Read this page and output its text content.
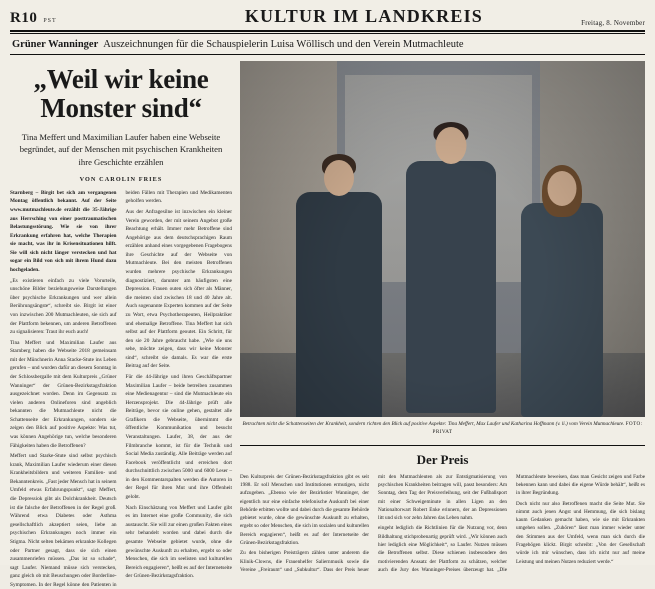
R10 PST	KULTUR IM LANDKREIS	Freitag, 8. November
Grüner Wanninger Auszeichnungen für die Schauspielerin Luisa Wöllisch und den Verein Mutmachleute
„Weil wir keine
Monster sind“
Tina Meffert und Maximilian Laufer haben eine Webseite begründet, auf der Menschen mit psychischen Krankheiten ihre Geschichte erzählen
VON CAROLIN FRIES

Starnberg – Birgit bet sich am vergangenen Montag öffentlich bekannt. Auf der Seite www.mutmachleute.de erzählt die 35-Jährige aus Herrsching von einer posttraumatischen Belastungsstörung. Wie sie von ihrer Erkrankung erfahren hat, welche Therapien sie macht, was ihr in Krisensituationen hilft. Sie will sich nicht länger verstecken und hat sogar ein Bild von sich mit ihrem Hund dazu hochgeladen.

„Es existieren einfach zu viele Vorurteile, unschöne Bilder beziehungsweise Darstellungen über psychische Erkrankungen und wer allein Berührungsängste“, schreibt sie. Birgit ist einer von inzwischen 200 Mutmachleuten, sie sich auf der Plattform bekennen, um anderen Betroffenen zu signalisieren: Traut ihr euch auch!

Tina Meffert und Maximilian Laufer aus Starnberg haben die Webseite 2018 gemeinsam mit der Münchnerin Anna Stacke-Stute ins Leben gerufen – und wurden dafür an diesem Sonntag in der Schlossbergalle mit dem Kulturpreis „Grüner Wanninger“ der Grünen-Bezirkstagsfraktion ausgezeichnet worden. Denn im Gegensatz zu vielen anderen Onlineforen sind angeblich bekannten die Mutmachleute nicht die Schattenseite der Erkrankungen, sondern sie zeigen den Blick auf positive Aspekte: Was tut, was können Angehörige tun, welche besonderen Fähigkeiten haben die Betroffenen?

Meffert und Starke-Stute sind selbst psychisch krank, Maximilian Laufer wiederum einer diesen Krankheitsbildern und weiteren Familien- und Bekanntenkreis. „Fast jeder Mensch hat in seinem Umfeld etwas Erfahrungspunkt“, sagt Meffert, die Depressiok gibt als Dolchkrankheit. Deutsch ist die falsche der Betroffenen in der Regel groß. Während etwa Diabetes oder Asthma gesellschaftlich akzeptiert seien, liebe an psychischen Erkrankungen noch immer ein Stigma. Nicht selten bekämen erkrankte Kollegen oder Partner gesagt, dass sie sich einen zusammenriefen müssen. „Das ist so schade“, sagt Laufer. Niemand müsse sich verstecken, ganz gleich ob mit Beuschungen oder Borderline-Symptomen. In der Regel könne den Patienten in beiden Fällen mit Therapien und Medikamenten geholfen werden.

Aus der Anfragesilne ist inzwischen ein kleiner Verein geworden, der mit seinem Angebot große Beachtung erhält. Immer mehr Betroffene sind Angehörige aus dem deutschsprachigen Raum erzählen anhand eines vorgegebenen Fragebogens ihre Geschichte auf der Webseite von Mutmachleute. Bei den meisten Betroffenen wurden mehrere psychische Erkrankungen diagnostiziert, darunter am häufigsten eine Depression. Frauen outen sich öfter als Männer, die meisten sind zwischen 18 und 40 Jahre alt. Auch sogenannte Experten kommen auf der Seite zu Wort, etwa Psychotherapeuten, Heilpraktiker und ehemalige Betroffene. Tina Meffert hat sich selbst auf der Plattform geoutet. Ein Schritt, für den sie 20 Jahre gebraucht habe. „Wie sie uns sehe, möchte zeigen, dass wir keine Monster sind“, schreibt sie damals. Es war die erste Beitrag auf der Seite.

Für die 44-Jährige und ihren Geschäftspartner Maximilian Laufer – beide betreiben zusammen eine Medienagentur – sind die Mutmachleute ein Herzensprojekt. Die 44-Jährige prüft alle Beiträge, bevor sie online gehen, gestaltet alle Grafikern die Webseite, übernimmt die öffentliche Kommunikation und besucht Veranstaltungen. Laufer, 38, der aus der Filmbranche kommt, ist für die Technik und Social Media zuständig. Alle Beiträge werden auf Facebook veröffentlicht und erreichen dort durchschnittlich zwischen 5000 und 6000 Leser – in den Kommentarspalten werden die Autoren in der Regel für ihren Mut und ihre Offenheit gelobt.

Nach Einschätzung von Meffert und Laufer gibt es im Internet eine große Community, die sich austauscht. Sie will zur einen großen Fakten eines sehr behandelt worden und dabei durch die gesamte Webseite gebietet wurde, ohne die gewünschte Auskunft zu erhalten, ergebt so oder Menschen, die sich im seelisten und kulturellen Bereich engagieren“, heißt es auf der Internetseite der Grünen-Bezirkstagsfraktion.

Betrachten nicht die Schattenseiten der Krankheit, sondern richten den Blick auf positive Aspekte: Tina Meffert, Max Laufer und Katharina Hoffmann (v. li.) vom Verein Mutmachleute. FOTO: PRIVAT
Der Preis

Den Kulturpreis der Grünen-Bezirkstagsfraktion gibt es seit 1988. Er soll Menschen und Institutionen ermutigen, nicht aufzugeben. „Ebenso wie der Bezirkstier Wanninger, der eigentlich nur eine einfache telefonische Auskunft bei einer Behörde erbitten wollte und dabei durch die gesamte Behörde gebietet wurde, ohne die gewünschte Auskunft zu erhalten, ergebt so oder Menschen, die sich im sozialen und kulturellen Bereich engagieren“, heißt es auf der Internetseite der Grünen-Bezirkstagsfraktion.

Zu den bisherigen Preisträgern zählen unter anderem die Klinik-Clowns, die Frauenhelfer Saliernmusik sowie die Vereine „Freiraum“ und „Subkultur“. Dass der Preis heuer mit den Mutmachleuten als zur Entstigmatisierung von psychischen Krankheiten beitragen will, passt besonders: Am Sonntag, dem Tag der Preisverleihung, seit der Fußballsport mit einer Schweigeminute in allen Ligen an den Nationaltorwart Robert Enke erinnern, der an Depressionen litt und sich vor zehn Jahren das Leben nahm.

eingeht lediglich die Richtlinien für die Nutzung vor, denn Bildhaltung stichprobenartig geprüft wird. „Wir können auch hier lediglich eine Möglichkeit“, so Laufer. Nutzen müssen die Betroffenen selbst. Diese schienen insbesondere den motivierenden Anssatz der Plattform zu schätzen, welcher auch die Jury des Wanninger-Preises überzeugt hat. „Die Mutmachleute beweisen, dass man Gesicht zeigen und Farbe bekennen kann und dabei die eigene Würde behält“, heißt es in ihrer Begründung.

Doch nicht nur also Betroffenen macht die Seite Mut. Sie nimmt auch jenen Angst und Hemmung, die sich bislang kaum Gedanken gemacht haben, wie sie mit Erkrankten umgehen sollen. „Zuhören“ lässt man immer wieder unter den Stimmen aus der Umfeld, wenn man sich durch die Fragebögen klickt. Birgit schreibt: „Von der Gesellschaft würde ich mir wünschen, dass ich nicht nur auf meine Leistung und meinen Nutzen reduziert werde.“
